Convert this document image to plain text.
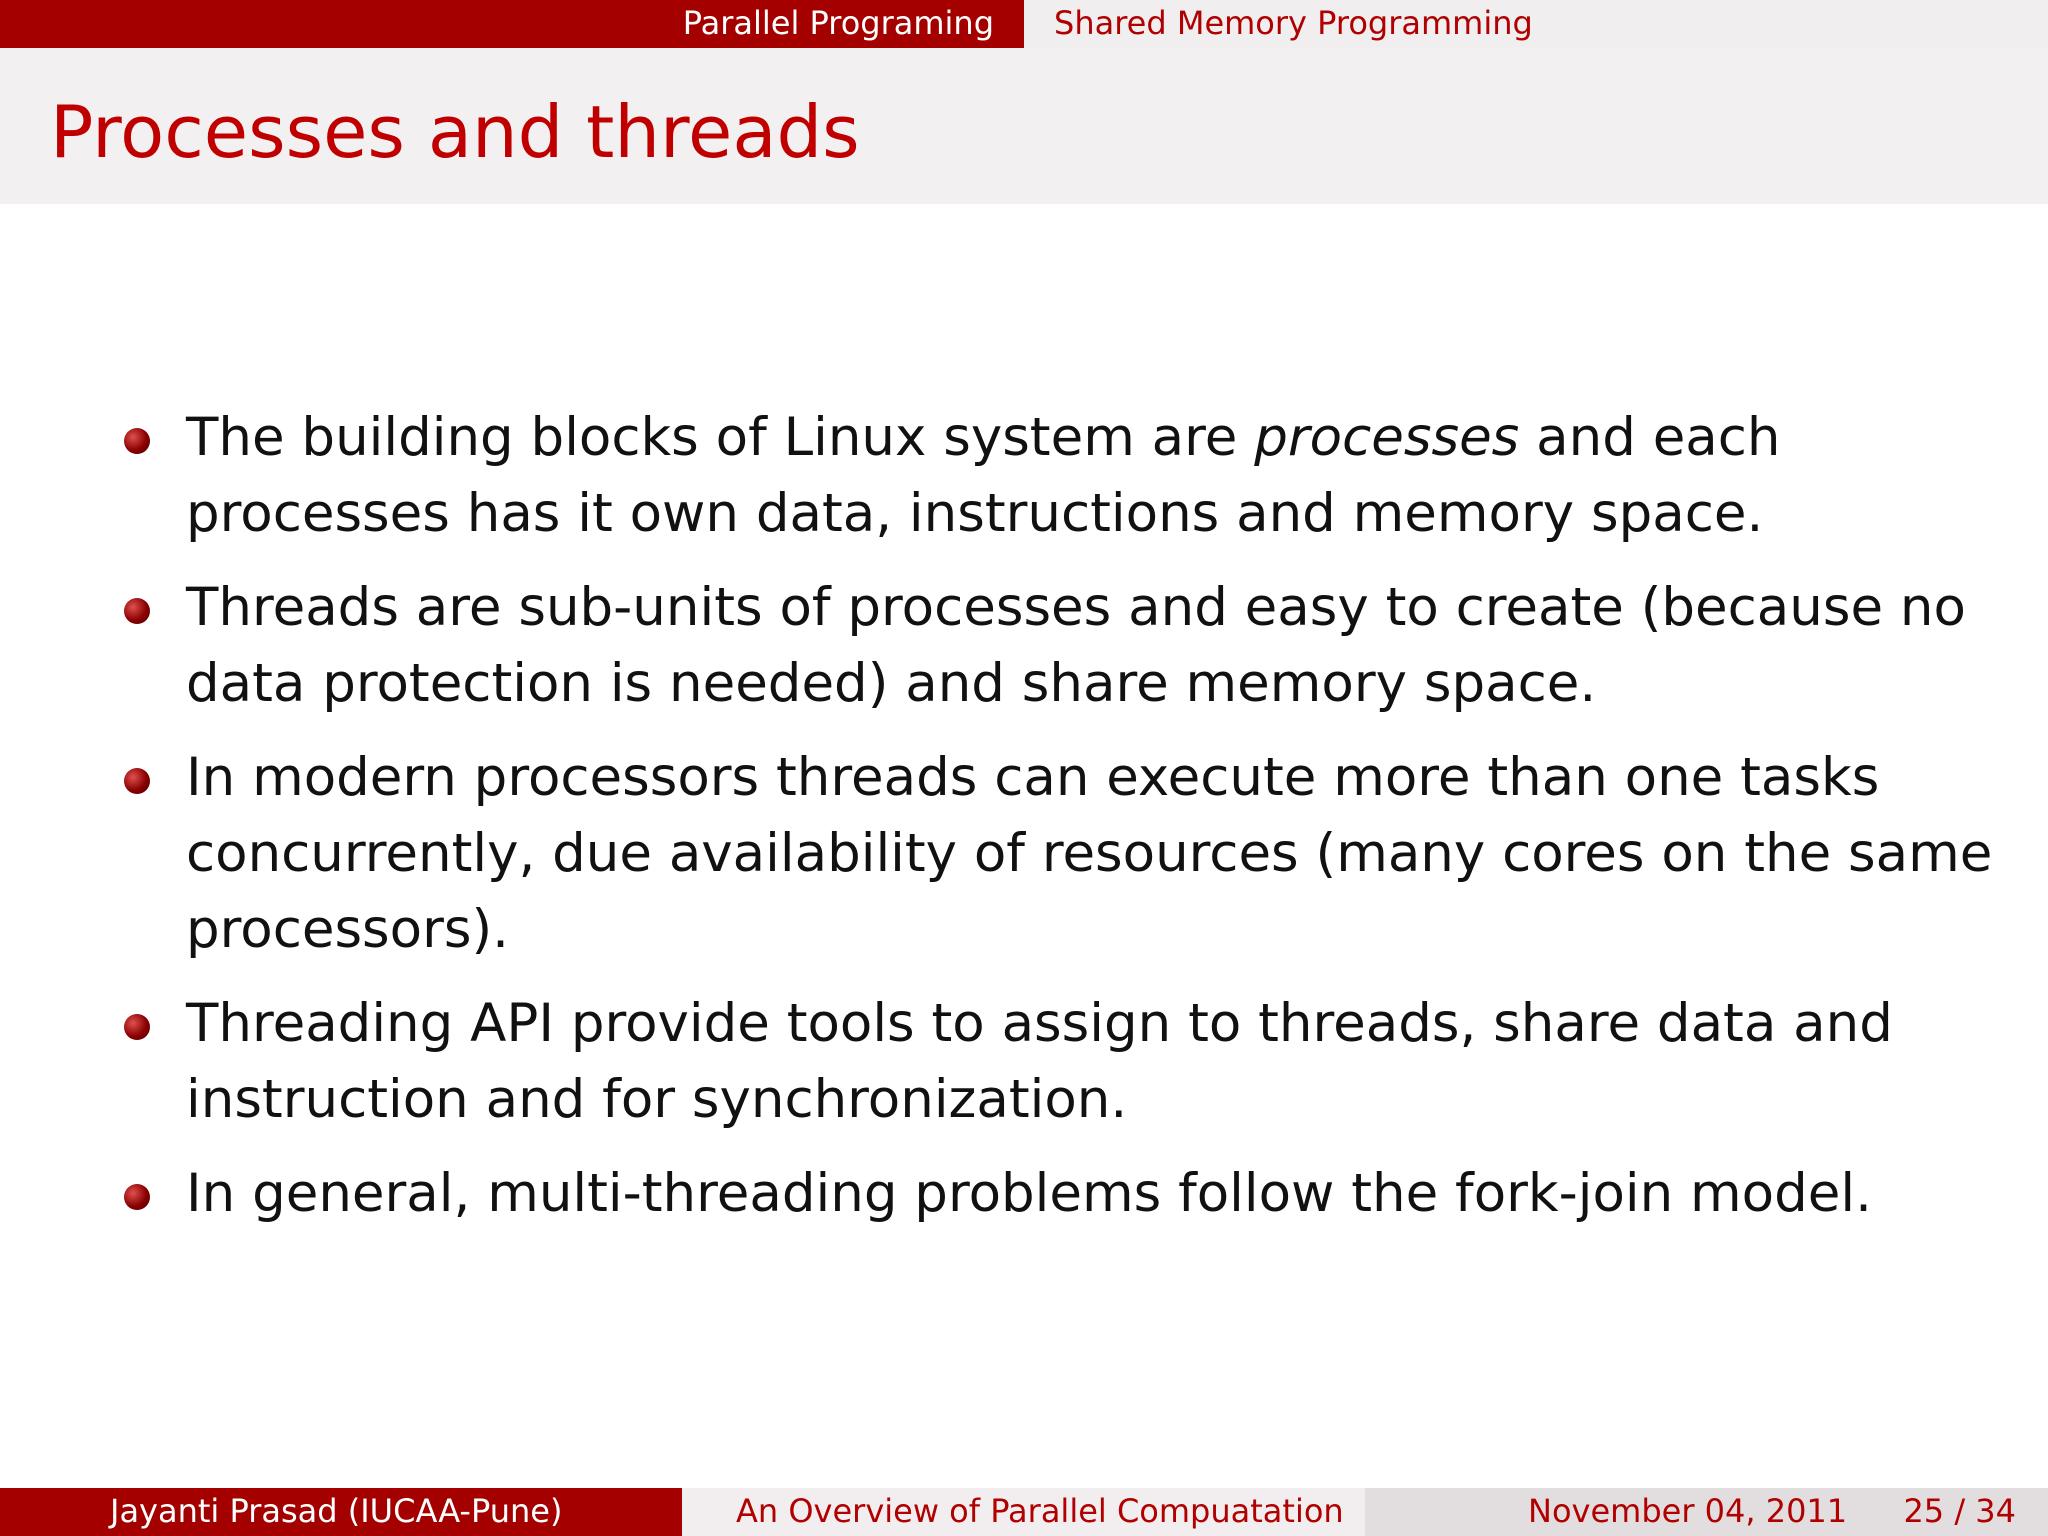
Parallel Programing	Shared Memory Programming
Processes and threads
The building blocks of Linux system are processes and each processes has it own data, instructions and memory space.
Threads are sub-units of processes and easy to create (because no data protection is needed) and share memory space.
In modern processors threads can execute more than one tasks concurrently, due availability of resources (many cores on the same processors).
Threading API provide tools to assign to threads, share data and instruction and for synchronization.
In general, multi-threading problems follow the fork-join model.
Jayanti Prasad (IUCAA-Pune)	An Overview of Parallel Compuatation	November 04, 2011 25 / 34
